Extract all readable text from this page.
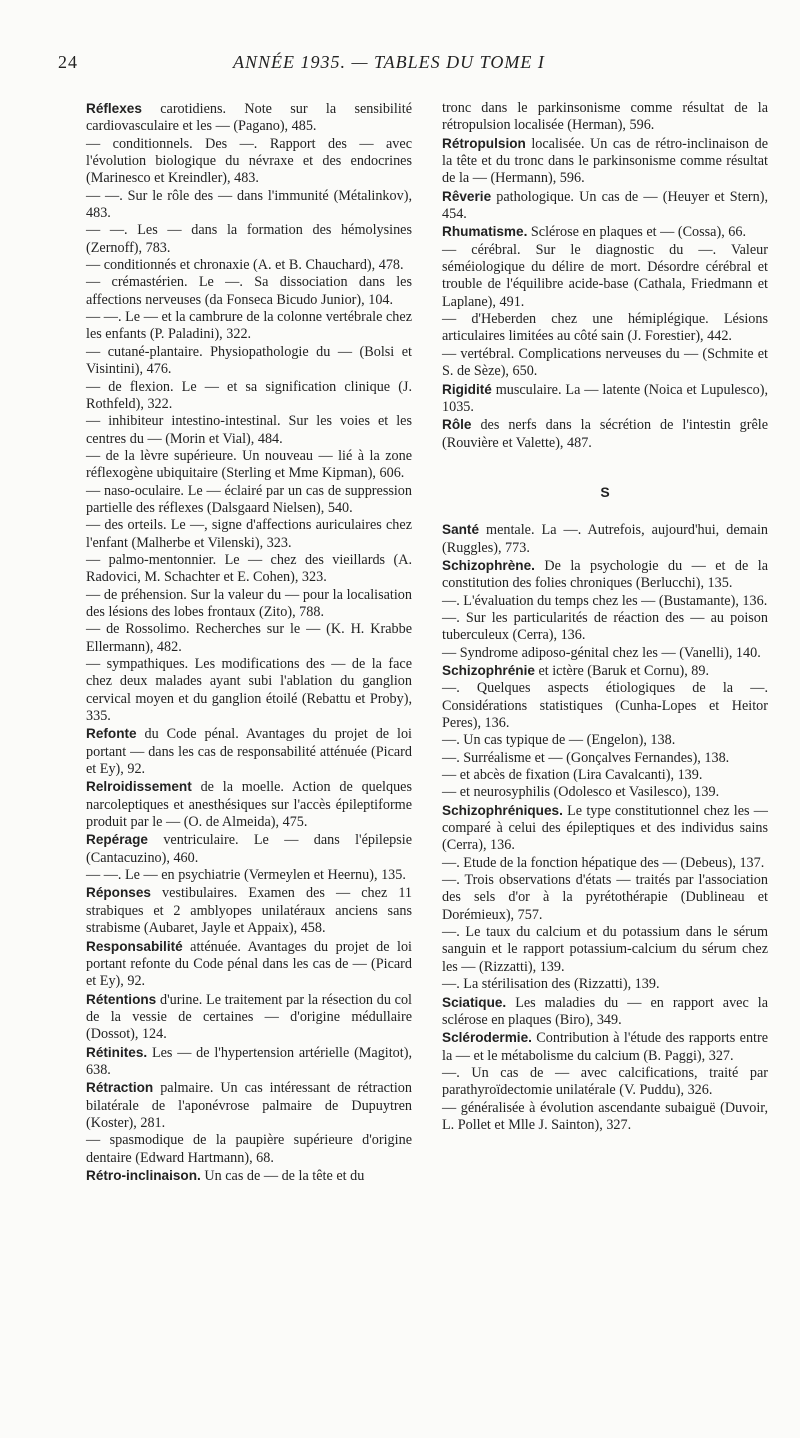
24	ANNÉE 1935. — TABLES DU TOME I

Réflexes carotidiens. Note sur la sensibilité cardiovasculaire et les — (Pagano), 485.

— conditionnels. Des —. Rapport des — avec l'évolution biologique du névraxe et des endocrines (Marinesco et Kreindler), 483.

— —. Sur le rôle des — dans l'immunité (Métalinkov), 483.

— —. Les — dans la formation des hémolysines (Zernoff), 783.

— conditionnés et chronaxie (A. et B. Chauchard), 478.

— crémastérien. Le —. Sa dissociation dans les affections nerveuses (da Fonseca Bicudo Junior), 104.

— —. Le — et la cambrure de la colonne vertébrale chez les enfants (P. Paladini), 322.

— cutané-plantaire. Physiopathologie du — (Bolsi et Visintini), 476.

— de flexion. Le — et sa signification clinique (J. Rothfeld), 322.

— inhibiteur intestino-intestinal. Sur les voies et les centres du — (Morin et Vial), 484.

— de la lèvre supérieure. Un nouveau — lié à la zone réflexogène ubiquitaire (Sterling et Mme Kipman), 606.

— naso-oculaire. Le — éclairé par un cas de suppression partielle des réflexes (Dalsgaard Nielsen), 540.

— des orteils. Le —, signe d'affections auriculaires chez l'enfant (Malherbe et Vilenski), 323.

— palmo-mentonnier. Le — chez des vieillards (A. Radovici, M. Schachter et E. Cohen), 323.

— de préhension. Sur la valeur du — pour la localisation des lésions des lobes frontaux (Zito), 788.

— de Rossolimo. Recherches sur le — (K. H. Krabbe Ellermann), 482.

— sympathiques. Les modifications des — de la face chez deux malades ayant subi l'ablation du ganglion cervical moyen et du ganglion étoilé (Rebattu et Proby), 335.

Refonte du Code pénal. Avantages du projet de loi portant — dans les cas de responsabilité atténuée (Picard et Ey), 92.

Relroidissement de la moelle. Action de quelques narcoleptiques et anesthésiques sur l'accès épileptiforme produit par le — (O. de Almeida), 475.

Repérage ventriculaire. Le — dans l'épilepsie (Cantacuzino), 460.

— —. Le — en psychiatrie (Vermeylen et Heernu), 135.

Réponses vestibulaires. Examen des — chez 11 strabiques et 2 amblyopes unilatéraux anciens sans strabisme (Aubaret, Jayle et Appaix), 458.

Responsabilité atténuée. Avantages du projet de loi portant refonte du Code pénal dans les cas de — (Picard et Ey), 92.

Rétentions d'urine. Le traitement par la résection du col de la vessie de certaines — d'origine médullaire (Dossot), 124.

Rétinites. Les — de l'hypertension artérielle (Magitot), 638.

Rétraction palmaire. Un cas intéressant de rétraction bilatérale de l'aponévrose palmaire de Dupuytren (Koster), 281.

— spasmodique de la paupière supérieure d'origine dentaire (Edward Hartmann), 68.

Rétro-inclinaison. Un cas de — de la tête et du

tronc dans le parkinsonisme comme résultat de la rétropulsion localisée (Herman), 596.

Rétropulsion localisée. Un cas de rétro-inclinaison de la tête et du tronc dans le parkinsonisme comme résultat de la — (Hermann), 596.

Rêverie pathologique. Un cas de — (Heuyer et Stern), 454.

Rhumatisme. Sclérose en plaques et — (Cossa), 66.

— cérébral. Sur le diagnostic du —. Valeur séméiologique du délire de mort. Désordre cérébral et trouble de l'équilibre acide-base (Cathala, Friedmann et Laplane), 491.

— d'Heberden chez une hémiplégique. Lésions articulaires limitées au côté sain (J. Forestier), 442.

— vertébral. Complications nerveuses du — (Schmite et S. de Sèze), 650.

Rigidité musculaire. La — latente (Noica et Lupulesco), 1035.

Rôle des nerfs dans la sécrétion de l'intestin grêle (Rouvière et Valette), 487.

S

Santé mentale. La —. Autrefois, aujourd'hui, demain (Ruggles), 773.

Schizophrène. De la psychologie du — et de la constitution des folies chroniques (Berlucchi), 135.

—. L'évaluation du temps chez les — (Bustamante), 136.

—. Sur les particularités de réaction des — au poison tuberculeux (Cerra), 136.

— Syndrome adiposo-génital chez les — (Vanelli), 140.

Schizophrénie et ictère (Baruk et Cornu), 89.

—. Quelques aspects étiologiques de la —. Considérations statistiques (Cunha-Lopes et Heitor Peres), 136.

—. Un cas typique de — (Engelon), 138.

—. Surréalisme et — (Gonçalves Fernandes), 138.

— et abcès de fixation (Lira Cavalcanti), 139.

— et neurosyphilis (Odolesco et Vasilesco), 139.

Schizophréniques. Le type constitutionnel chez les — comparé à celui des épileptiques et des individus sains (Cerra), 136.

—. Etude de la fonction hépatique des — (Debeus), 137.

—. Trois observations d'états — traités par l'association des sels d'or à la pyrétothérapie (Dublineau et Dorémieux), 757.

—. Le taux du calcium et du potassium dans le sérum sanguin et le rapport potassium-calcium du sérum chez les — (Rizzatti), 139.

—. La stérilisation des (Rizzatti), 139.

Sciatique. Les maladies du — en rapport avec la sclérose en plaques (Biro), 349.

Sclérodermie. Contribution à l'étude des rapports entre la — et le métabolisme du calcium (B. Paggi), 327.

—. Un cas de — avec calcifications, traité par parathyroïdectomie unilatérale (V. Puddu), 326.

— généralisée à évolution ascendante subaiguë (Duvoir, L. Pollet et Mlle J. Sainton), 327.
